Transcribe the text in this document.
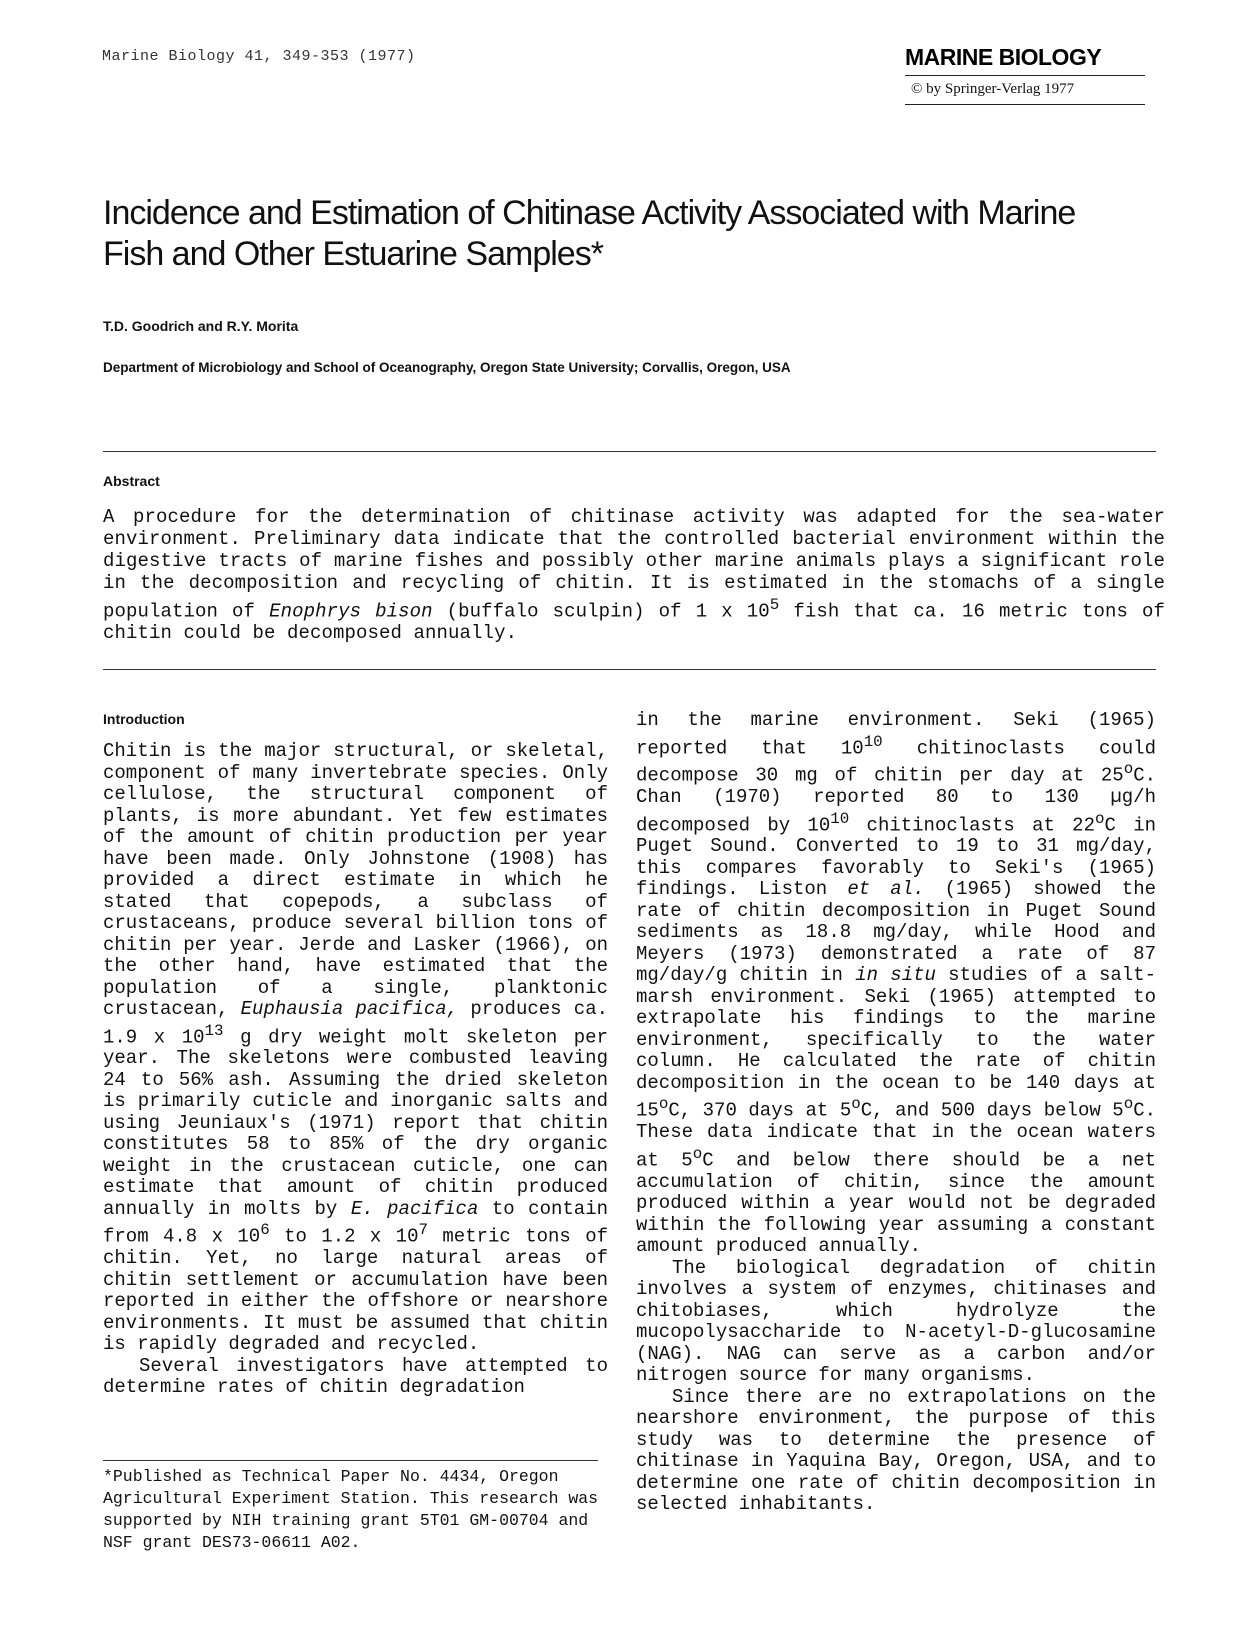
Marine Biology 41, 349-353 (1977)	MARINE BIOLOGY
© by Springer-Verlag 1977
Incidence and Estimation of Chitinase Activity Associated with Marine Fish and Other Estuarine Samples*
T.D. Goodrich and R.Y. Morita
Department of Microbiology and School of Oceanography, Oregon State University; Corvallis, Oregon, USA
Abstract

A procedure for the determination of chitinase activity was adapted for the sea-water environment. Preliminary data indicate that the controlled bacterial environment within the digestive tracts of marine fishes and possibly other marine animals plays a significant role in the decomposition and recycling of chitin. It is estimated in the stomachs of a single population of Enophrys bison (buffalo sculpin) of 1 x $10^5$ fish that ca. 16 metric tons of chitin could be decomposed annually.

Introduction

Chitin is the major structural, or skeletal, component of many invertebrate species. Only cellulose, the structural component of plants, is more abundant. Yet few estimates of the amount of chitin production per year have been made. Only Johnstone (1908) has provided a direct estimate in which he stated that copepods, a subclass of crustaceans, produce several billion tons of chitin per year. Jerde and Lasker (1966), on the other hand, have estimated that the population of a single, planktonic crustacean, Euphausia pacifica, produces ca. 1.9 x $10^{13}$ g dry weight molt skeleton per year. The skeletons were combusted leaving 24 to 56% ash. Assuming the dried skeleton is primarily cuticle and inorganic salts and using Jeuniaux's (1971) report that chitin constitutes 58 to 85% of the dry organic weight in the crustacean cuticle, one can estimate that amount of chitin produced annually in molts by E. pacifica to contain from 4.8 x $10^6$ to 1.2 x $10^7$ metric tons of chitin. Yet, no large natural areas of chitin settlement or accumulation have been reported in either the offshore or nearshore environments. It must be assumed that chitin is rapidly degraded and recycled.

Several investigators have attempted to determine rates of chitin degradation

in the marine environment. Seki (1965) reported that $10^{10}$ chitinoclasts could decompose 30 mg of chitin per day at 25$^o$C. Chan (1970) reported 80 to 130 µg/h decomposed by $10^{10}$ chitinoclasts at 22$^o$C in Puget Sound. Converted to 19 to 31 mg/day, this compares favorably to Seki's (1965) findings. Liston et al. (1965) showed the rate of chitin decomposition in Puget Sound sediments as 18.8 mg/day, while Hood and Meyers (1973) demonstrated a rate of 87 mg/day/g chitin in in situ studies of a salt-marsh environment. Seki (1965) attempted to extrapolate his findings to the marine environment, specifically to the water column. He calculated the rate of chitin decomposition in the ocean to be 140 days at 15$^o$C, 370 days at 5$^o$C, and 500 days below 5$^o$C. These data indicate that in the ocean waters at 5$^o$C and below there should be a net accumulation of chitin, since the amount produced within a year would not be degraded within the following year assuming a constant amount produced annually.

The biological degradation of chitin involves a system of enzymes, chitinases and chitobiases, which hydrolyze the mucopolysaccharide to N-acetyl-D-glucosamine (NAG). NAG can serve as a carbon and/or nitrogen source for many organisms.

Since there are no extrapolations on the nearshore environment, the purpose of this study was to determine the presence of chitinase in Yaquina Bay, Oregon, USA, and to determine one rate of chitin decomposition in selected inhabitants.

*Published as Technical Paper No. 4434, Oregon Agricultural Experiment Station. This research was supported by NIH training grant 5T01 GM-00704 and NSF grant DES73-06611 A02.
